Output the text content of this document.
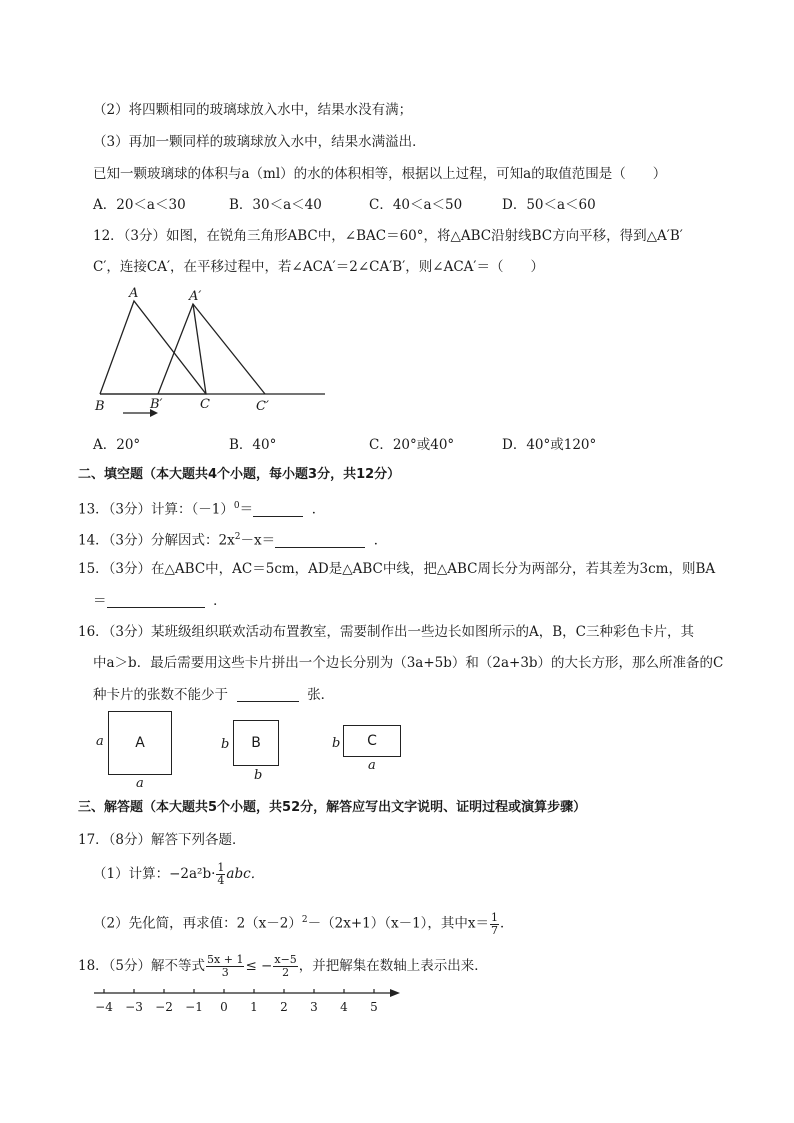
（2）将四颗相同的玻璃球放入水中，结果水没有满；
（3）再加一颗同样的玻璃球放入水中，结果水满溢出．
已知一颗玻璃球的体积与a（ml）的水的体积相等，根据以上过程，可知a的取值范围是（　　）
A．20＜a＜30	B．30＜a＜40	C．40＜a＜50	D．50＜a＜60
12．（3分）如图，在锐角三角形ABC中，∠BAC＝60°，将△ABC沿射线BC方向平移，得到△A′B′
C′，连接CA′，在平移过程中，若∠ACA′＝2∠CA′B′，则∠ACA′＝（　　）
A	A′
B	B′	C	C′
A．20°	B．40°	C．20°或40°	D．40°或120°
二、填空题（本大题共4个小题，每小题3分，共12分）
13．（3分）计算：$(-1)^0=$	．
14．（3分）分解因式：$2x^2-x=$	．
15．（3分）在△ABC中，AC＝5cm，AD是△ABC中线，把△ABC周长分为两部分，若其差为3cm，则BA
＝	．
16．（3分）某班级组织联欢活动布置教室，需要制作出一些边长如图所示的A，B，C三种彩色卡片，其
中a＞b．最后需要用这些卡片拼出一个边长分别为（3a+5b）和（2a+3b）的大长方形，那么所准备的C
种卡片的张数不能少于	张．
A
a
a
B
b
b
C
b
a
三、解答题（本大题共5个小题，共52分，解答应写出文字说明、证明过程或演算步骤）
17．（8分）解答下列各题．
（1）计算：$-2a^2b\cdot \frac{1}{4}$ abc．
（2）先化简，再求值：$2(x-2)^2-(2x+1)(x-1)$，其中$x= \frac{1}{7}$ ．
18．（5分）解不等式 $\frac{5x + 1}{3}$ ≤ − $\frac{x-5}{2}$ ，并把解集在数轴上表示出来．
−4 −3 −2 −1 0 1 2 3 4 5
